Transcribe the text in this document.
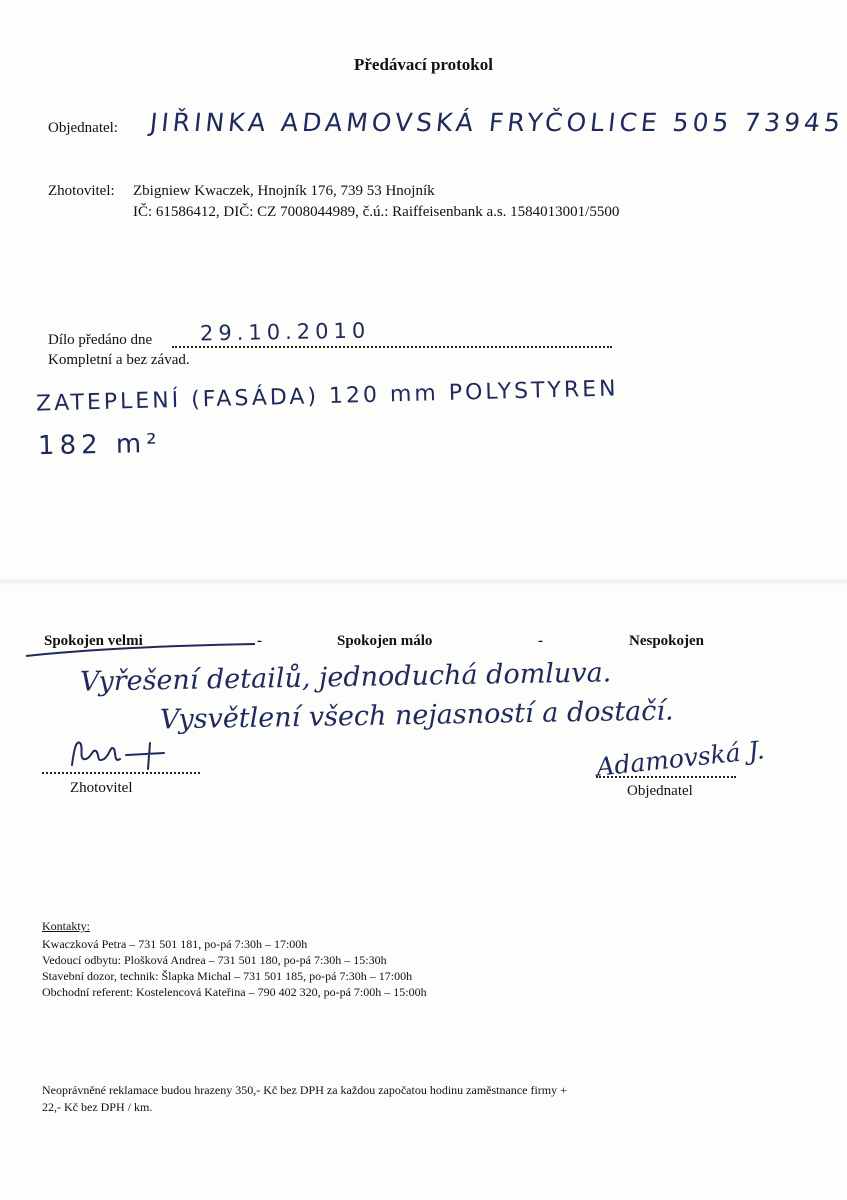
Předávací protokol
Objednatel: JIŘINKA ADAMOVSKÁ FRYČOLICE 505 73945
Zhotovitel: Zbigniew Kwaczek, Hnojník 176, 739 53 Hnojník
IČ: 61586412, DIČ: CZ 7008044989, č.ú.: Raiffeisenbank a.s. 1584013001/5500
Dílo předáno dne 29.10.2010
Kompletní a bez závad.
ZATEPLENÍ (FASÁDA) 120 mm POLYSTYREN
182 m²
Spokojen velmi	-	Spokojen málo	-	Nespokojen
Vyřešení detailů, jednoduchá domluva.
Vysvětlení všech nejasností a dostačí.
Zhotovitel
Adamovská J.
Objednatel
Kontakty:
Kwaczková Petra – 731 501 181, po-pá 7:30h – 17:00h
Vedoucí odbytu: Plošková Andrea – 731 501 180, po-pá 7:30h – 15:30h
Stavební dozor, technik: Šlapka Michal – 731 501 185, po-pá 7:30h – 17:00h
Obchodní referent: Kostelencová Kateřina – 790 402 320, po-pá 7:00h – 15:00h
Neoprávněné reklamace budou hrazeny 350,- Kč bez DPH za každou započatou hodinu zaměstnance firmy +
22,- Kč bez DPH / km.
